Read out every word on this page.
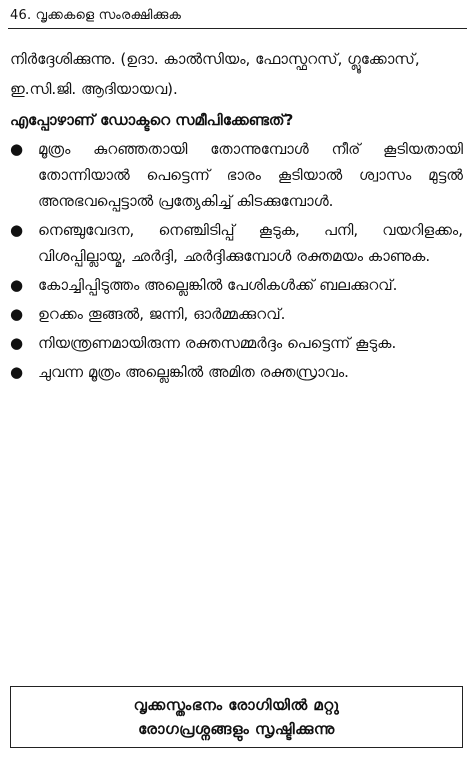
46. വൃക്കകളെ സംരക്ഷിക്കുക

നിർദ്ദേശിക്കുന്നു. (ഉദാ. കാൽസിയം, ഫോസ്ഫറസ്, ഗ്ലൂക്കോസ്, ഇ.സി.ജി. ആദിയായവ).

എപ്പോഴാണ് ഡോക്ടറെ സമീപിക്കേണ്ടത്?
● മൂത്രം കുറഞ്ഞതായി തോന്നുമ്പോൾ നീര് കൂടിയതായി തോന്നിയാൽ പെട്ടെന്ന് ഭാരം കൂടിയാൽ ശ്വാസം മുട്ടൽ അനുഭവപ്പെട്ടാൽ പ്രത്യേകിച്ച് കിടക്കുമ്പോൾ.
● നെഞ്ചുവേദന, നെഞ്ചിടിപ്പ് കൂടുക, പനി, വയറിളക്കം, വിശപ്പില്ലായ്മ, ഛർദ്ദി, ഛർദ്ദിക്കുമ്പോൾ രക്തമയം കാണുക.
● കോച്ചിപ്പിടുത്തം അല്ലെങ്കിൽ പേശികൾക്ക് ബലക്കുറവ്.
● ഉറക്കം തൂങ്ങൽ, ജന്നി, ഓർമ്മക്കുറവ്.
● നിയന്ത്രണമായിരുന്ന രക്തസമ്മർദ്ദം പെട്ടെന്ന് കൂടുക.
● ചുവന്ന മൂത്രം അല്ലെങ്കിൽ അമിത രക്തസ്രാവം.
വൃക്കസ്തംഭനം രോഗിയിൽ മറ്റു
രോഗപ്രശ്നങ്ങളും സൃഷ്ടിക്കുന്നു
